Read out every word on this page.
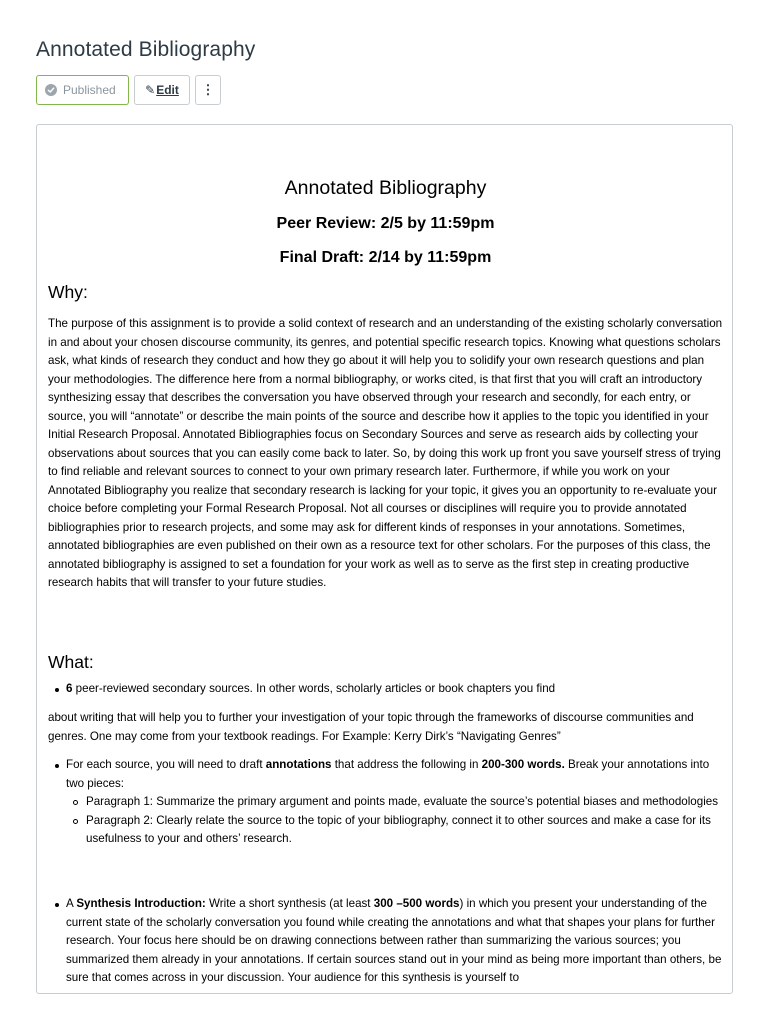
Annotated Bibliography
Published ✎ Edit ⋮
Annotated Bibliography
Peer Review: 2/5 by 11:59pm
Final Draft: 2/14 by 11:59pm
Why:

The purpose of this assignment is to provide a solid context of research and an understanding of the existing scholarly conversation in and about your chosen discourse community, its genres, and potential specific research topics. Knowing what questions scholars ask, what kinds of research they conduct and how they go about it will help you to solidify your own research questions and plan your methodologies. The difference here from a normal bibliography, or works cited, is that first that you will craft an introductory synthesizing essay that describes the conversation you have observed through your research and secondly, for each entry, or source, you will “annotate” or describe the main points of the source and describe how it applies to the topic you identified in your Initial Research Proposal. Annotated Bibliographies focus on Secondary Sources and serve as research aids by collecting your observations about sources that you can easily come back to later. So, by doing this work up front you save yourself stress of trying to find reliable and relevant sources to connect to your own primary research later. Furthermore, if while you work on your Annotated Bibliography you realize that secondary research is lacking for your topic, it gives you an opportunity to re-evaluate your choice before completing your Formal Research Proposal. Not all courses or disciplines will require you to provide annotated bibliographies prior to research projects, and some may ask for different kinds of responses in your annotations. Sometimes, annotated bibliographies are even published on their own as a resource text for other scholars. For the purposes of this class, the annotated bibliography is assigned to set a foundation for your work as well as to serve as the first step in creating productive research habits that will transfer to your future studies.

What:
6 peer-reviewed secondary sources. In other words, scholarly articles or book chapters you find

about writing that will help you to further your investigation of your topic through the frameworks of discourse communities and genres. One may come from your textbook readings. For Example: Kerry Dirk’s “Navigating Genres”

For each source, you will need to draft annotations that address the following in 200-300 words. Break your annotations into two pieces:
Paragraph 1: Summarize the primary argument and points made, evaluate the source’s potential biases and methodologies
Paragraph 2: Clearly relate the source to the topic of your bibliography, connect it to other sources and make a case for its usefulness to your and others’ research.
A Synthesis Introduction: Write a short synthesis (at least 300 –500 words) in which you present your understanding of the current state of the scholarly conversation you found while creating the annotations and what that shapes your plans for further research. Your focus here should be on drawing connections between rather than summarizing the various sources; you summarized them already in your annotations. If certain sources stand out in your mind as being more important than others, be sure that comes across in your discussion. Your audience for this synthesis is yourself to
